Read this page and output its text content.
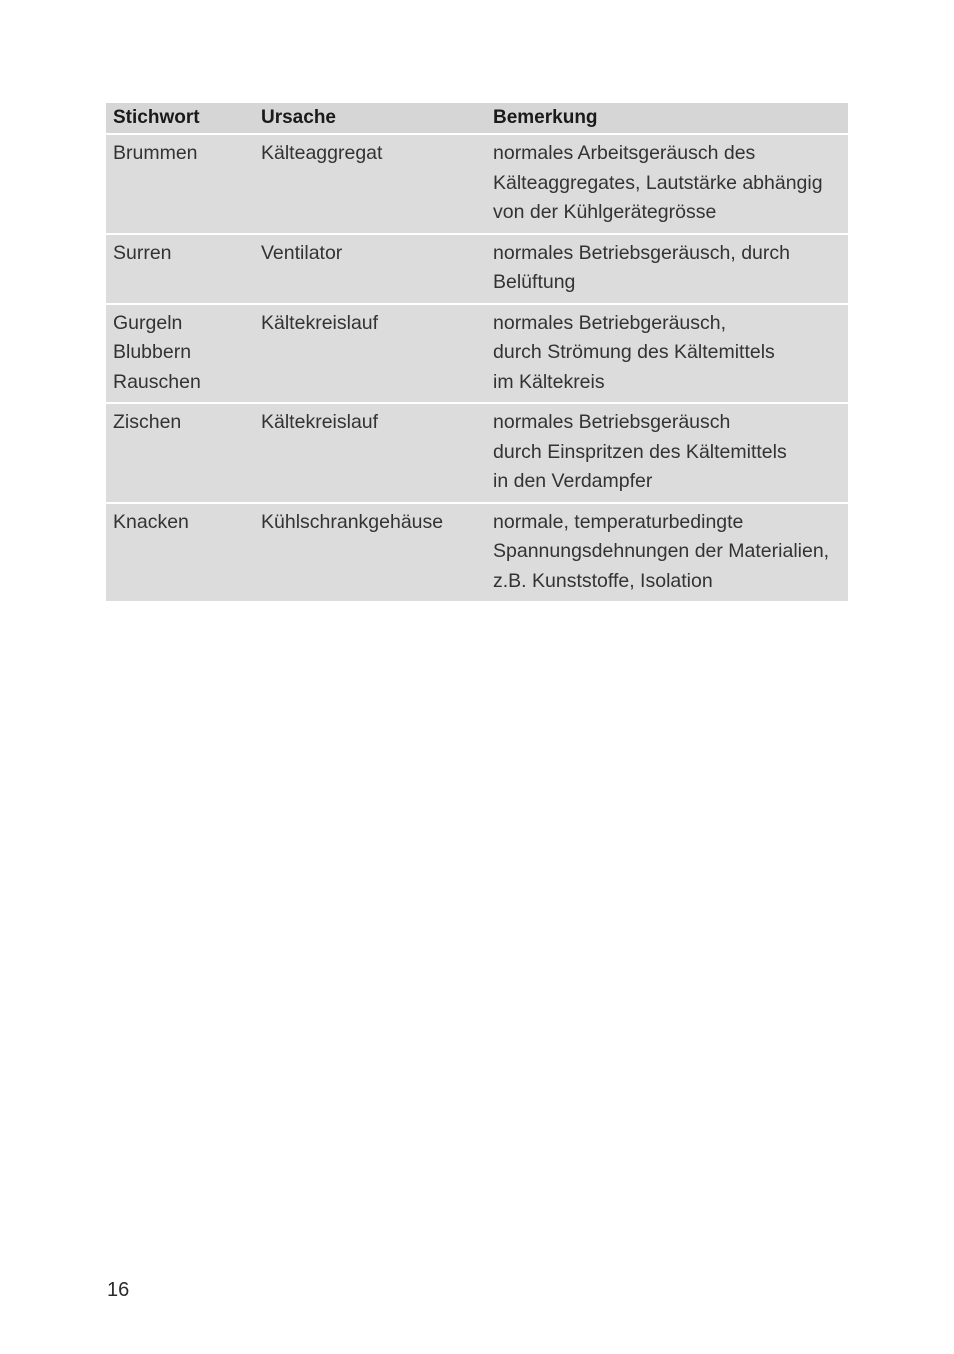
Stichwort	Ursache	Bemerkung

Brummen	Kälteaggregat	normales Arbeitsgeräusch des
Kälteaggregates, Lautstärke abhängig
von der Kühlgerätegrösse

Surren	Ventilator	normales Betriebsgeräusch, durch
Belüftung

Gurgeln
Blubbern
Rauschen	Kältekreislauf	normales Betriebgeräusch,
durch Strömung des Kältemittels
im Kältekreis

Zischen	Kältekreislauf	normales Betriebsgeräusch
durch Einspritzen des Kältemittels
in den Verdampfer

Knacken	Kühlschrankgehäuse	normale, temperaturbedingte
Spannungsdehnungen der Materialien,
z.B. Kunststoffe, Isolation
16
